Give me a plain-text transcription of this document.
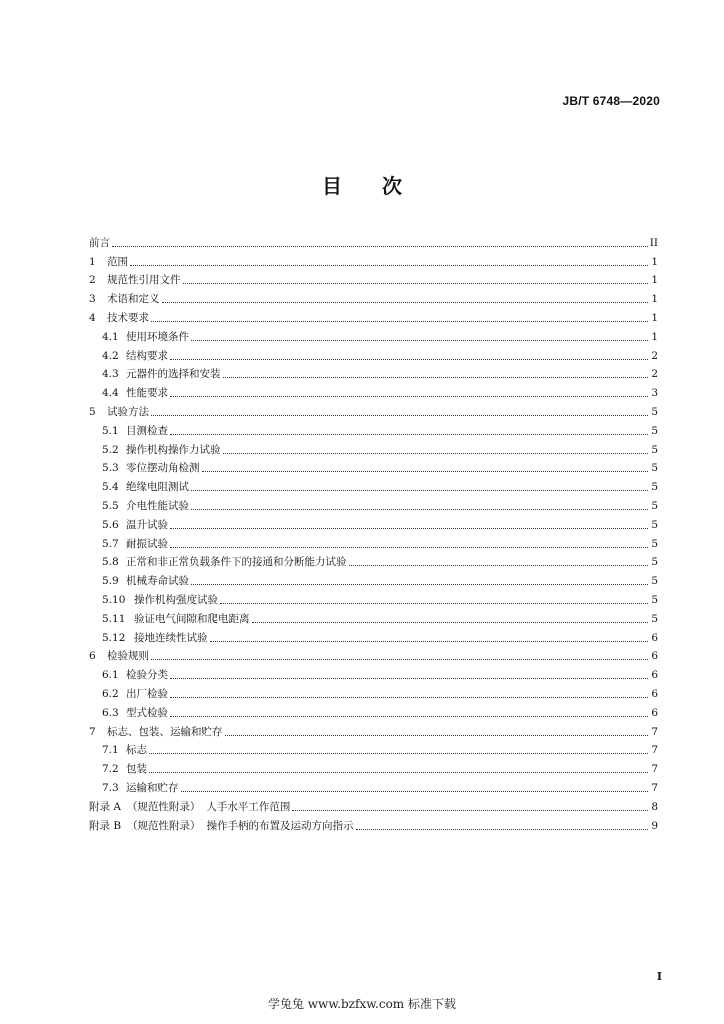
JB/T 6748—2020
目 次
前言	II
1	范围	1
2	规范性引用文件	1
3	术语和定义	1
4	技术要求	1
4.1 使用环境条件	1
4.2 结构要求	2
4.3 元器件的选择和安装	2
4.4 性能要求	3
5	试验方法	5
5.1 目测检查	5
5.2 操作机构操作力试验	5
5.3 零位摆动角检测	5
5.4 绝缘电阻测试	5
5.5 介电性能试验	5
5.6 温升试验	5
5.7 耐振试验	5
5.8 正常和非正常负载条件下的接通和分断能力试验	5
5.9 机械寿命试验	5
5.10 操作机构强度试验	5
5.11 验证电气间隙和爬电距离	5
5.12 接地连续性试验	6
6	检验规则	6
6.1 检验分类	6
6.2 出厂检验	6
6.3 型式检验	6
7	标志、包装、运输和贮存	7
7.1 标志	7
7.2 包装	7
7.3 运输和贮存	7
附录 A （规范性附录） 人手水平工作范围	8
附录 B （规范性附录） 操作手柄的布置及运动方向指示	9
I
学兔兔 www.bzfxw.com 标准下载
